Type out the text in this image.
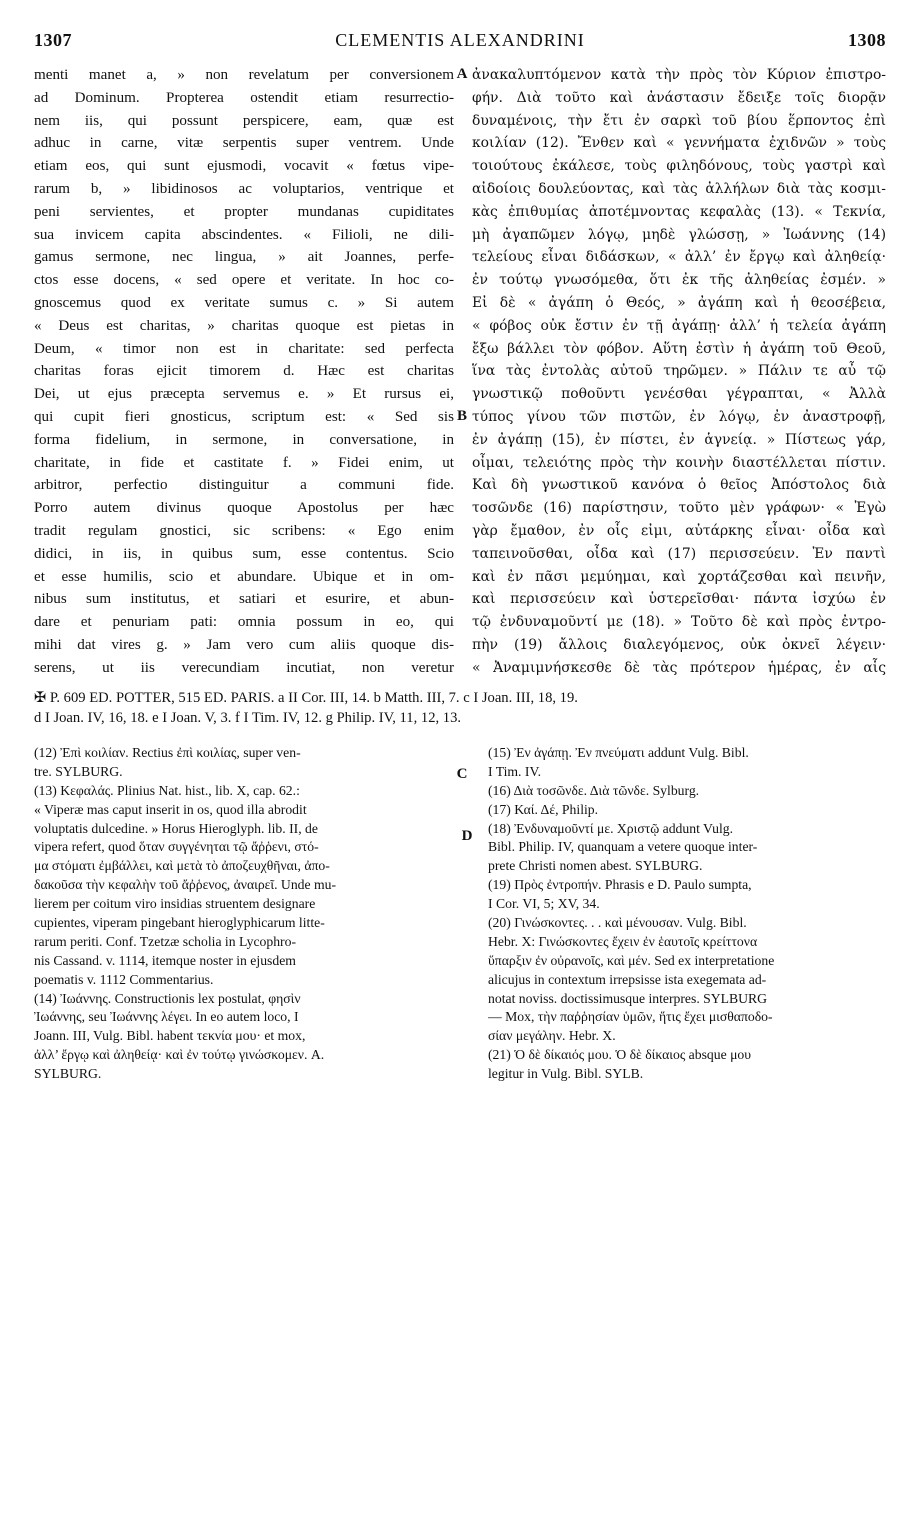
1307	CLEMENTIS ALEXANDRINI	1308
menti manet a, » non revelatum per conversionem
ad Dominum. Propterea ostendit etiam resurrectio-
nem iis, qui possunt perspicere, eam, quæ est
adhuc in carne, vitæ serpentis super ventrem. Unde
etiam eos, qui sunt ejusmodi, vocavit « fœtus vipe-
rarum b, » libidinosos ac voluptarios, ventrique et
peni servientes, et propter mundanas cupiditates
sua invicem capita abscindentes. « Filioli, ne dili-
gamus sermone, nec lingua, » ait Joannes, perfe-
ctos esse docens, « sed opere et veritate. In hoc co-
gnoscemus quod ex veritate sumus c. » Si autem
« Deus est charitas, » charitas quoque est pietas in
Deum, « timor non est in charitate: sed perfecta
charitas foras ejicit timorem d. Hæc est charitas
Dei, ut ejus præcepta servemus e. » Et rursus ei,
qui cupit fieri gnosticus, scriptum est: « Sed sis
forma fidelium, in sermone, in conversatione, in
charitate, in fide et castitate f. » Fidei enim, ut
arbitror, perfectio distinguitur a communi fide.
Porro autem divinus quoque Apostolus per hæc
tradit regulam gnostici, sic scribens: « Ego enim
didici, in iis, in quibus sum, esse contentus. Scio
et esse humilis, scio et abundare. Ubique et in om-
nibus sum institutus, et satiari et esurire, et abun-
dare et penuriam pati: omnia possum in eo, qui
mihi dat vires g. » Jam vero cum aliis quoque dis-
serens, ut iis verecundiam incutiat, non veretur
ἀνακαλυπτόμενον κατὰ τὴν πρὸς τὸν Κύριον ἐπιστρο-
φήν. Διὰ τοῦτο καὶ ἀνάστασιν ἔδειξε τοῖς διορᾷν
δυναμένοις, τὴν ἔτι ἐν σαρκὶ τοῦ βίου ἕρποντος ἐπὶ
κοιλίαν (12). Ἔνθεν καὶ « γεννήματα ἐχιδνῶν » τοὺς
τοιούτους ἐκάλεσε, τοὺς φιληδόνους, τοὺς γαστρὶ καὶ
αἰδοίοις δουλεύοντας, καὶ τὰς ἀλλήλων διὰ τὰς κοσμι-
κὰς ἐπιθυμίας ἀποτέμνοντας κεφαλὰς (13). « Τεκνία,
μὴ ἀγαπῶμεν λόγῳ, μηδὲ γλώσσῃ, » Ἰωάννης (14)
τελείους εἶναι διδάσκων, « ἀλλ’ ἐν ἔργῳ καὶ ἀληθείᾳ·
ἐν τούτῳ γνωσόμεθα, ὅτι ἐκ τῆς ἀληθείας ἐσμέν. »
Εἰ δὲ « ἀγάπη ὁ Θεός, » ἀγάπη καὶ ἡ θεοσέβεια,
« φόβος οὐκ ἔστιν ἐν τῇ ἀγάπῃ· ἀλλ’ ἡ τελεία ἀγάπη
ἔξω βάλλει τὸν φόβον. Αὕτη ἐστὶν ἡ ἀγάπη τοῦ Θεοῦ,
ἵνα τὰς ἐντολὰς αὐτοῦ τηρῶμεν. » Πάλιν τε αὖ τῷ
γνωστικῷ ποθοῦντι γενέσθαι γέγραπται, « Ἀλλὰ
τύπος γίνου τῶν πιστῶν, ἐν λόγῳ, ἐν ἀναστροφῇ,
ἐν ἀγάπῃ (15), ἐν πίστει, ἐν ἁγνείᾳ. » Πίστεως γάρ,
οἶμαι, τελειότης πρὸς τὴν κοινὴν διαστέλλεται πίστιν.
Καὶ δὴ γνωστικοῦ κανόνα ὁ θεῖος Ἀπόστολος διὰ
τοσῶνδε (16) παρίστησιν, τοῦτο μὲν γράφων· « Ἐγὼ
γὰρ ἔμαθον, ἐν οἷς εἰμι, αὐτάρκης εἶναι· οἶδα καὶ
ταπεινοῦσθαι, οἶδα καὶ (17) περισσεύειν. Ἐν παντὶ
καὶ ἐν πᾶσι μεμύημαι, καὶ χορτάζεσθαι καὶ πεινῆν,
καὶ περισσεύειν καὶ ὑστερεῖσθαι· πάντα ἰσχύω ἐν
τῷ ἐνδυναμοῦντί με (18). » Τοῦτο δὲ καὶ πρὸς ἐντρο-
πὴν (19) ἄλλοις διαλεγόμενος, οὐκ ὀκνεῖ λέγειν·
« Ἀναμιμνήσκεσθε δὲ τὰς πρότερον ἡμέρας, ἐν αἷς
A
B
C
D
✠ P. 609 ED. POTTER, 515 ED. PARIS. a II Cor. III, 14. b Matth. III, 7. c I Joan. III, 18, 19.
d I Joan. IV, 16, 18. e I Joan. V, 3. f I Tim. IV, 12. g Philip. IV, 11, 12, 13.
(12) Ἐπὶ κοιλίαν. Rectius ἐπὶ κοιλίας, super ven-
tre. SYLBURG.
(13) Κεφαλάς. Plinius Nat. hist., lib. X, cap. 62.:
« Viperæ mas caput inserit in os, quod illa abrodit
voluptatis dulcedine. » Horus Hieroglyph. lib. II, de
vipera refert, quod ὅταν συγγένηται τῷ ἄῤῥενι, στό-
μα στόματι ἐμβάλλει, καὶ μετὰ τὸ ἀποζευχθῆναι, ἀπο-
δακοῦσα τὴν κεφαλὴν τοῦ ἄῤῥενος, ἀναιρεῖ. Unde mu-
lierem per coitum viro insidias struentem designare
cupientes, viperam pingebant hieroglyphicarum litte-
rarum periti. Conf. Tzetzæ scholia in Lycophro-
nis Cassand. v. 1114, itemque noster in ejusdem
poematis v. 1112 Commentarius.
(14) Ἰωάννης. Constructionis lex postulat, φησὶν
Ἰωάννης, seu Ἰωάννης λέγει. In eo autem loco, I
Joann. III, Vulg. Bibl. habent τεκνία μου· et mox,
ἀλλ’ ἔργῳ καὶ ἀληθείᾳ· καὶ ἐν τούτῳ γινώσκομεν. A.
SYLBURG.
(15) Ἐν ἀγάπῃ. Ἐν πνεύματι addunt Vulg. Bibl.
I Tim. IV.
(16) Διὰ τοσῶνδε. Διὰ τῶνδε. Sylburg.
(17) Καί. Δέ, Philip.
(18) Ἐνδυναμοῦντί με. Χριστῷ addunt Vulg.
Bibl. Philip. IV, quanquam a vetere quoque inter-
prete Christi nomen abest. SYLBURG.
(19) Πρὸς ἐντροπήν. Phrasis e D. Paulo sumpta,
I Cor. VI, 5; XV, 34.
(20) Γινώσκοντες. . . καὶ μένουσαν. Vulg. Bibl.
Hebr. X: Γινώσκοντες ἔχειν ἐν ἑαυτοῖς κρείττονα
ὕπαρξιν ἐν οὐρανοῖς, καὶ μέν. Sed ex interpretatione
alicujus in contextum irrepsisse ista exegemata ad-
notat noviss. doctissimusque interpres. SYLBURG
— Mox, τὴν παῤῥησίαν ὑμῶν, ἥτις ἔχει μισθαποδο-
σίαν μεγάλην. Hebr. X.
(21) Ὁ δὲ δίκαιός μου. Ὁ δὲ δίκαιος absque μου
legitur in Vulg. Bibl. SYLB.
